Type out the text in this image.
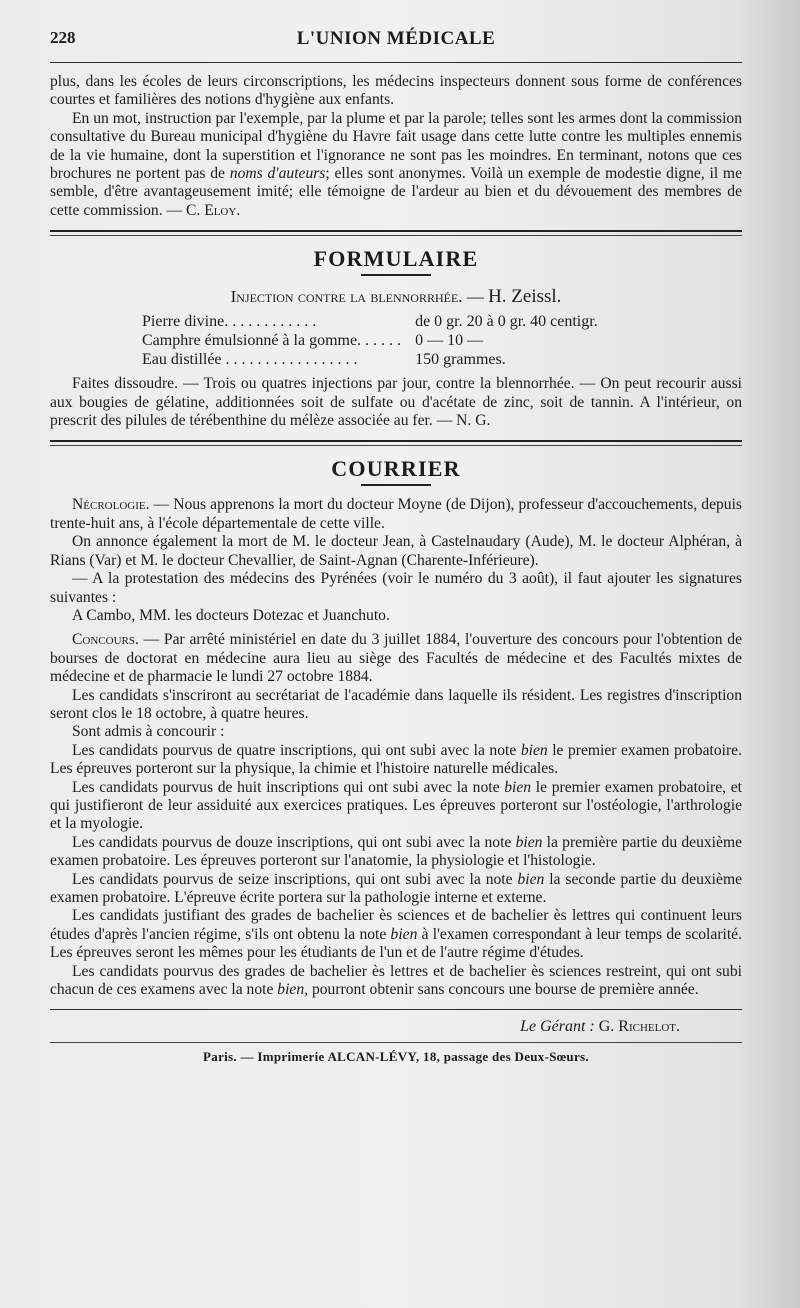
228	L'UNION MÉDICALE

plus, dans les écoles de leurs circonscriptions, les médecins inspecteurs donnent sous forme de conférences courtes et familières des notions d'hygiène aux enfants.

En un mot, instruction par l'exemple, par la plume et par la parole; telles sont les armes dont la commission consultative du Bureau municipal d'hygiène du Havre fait usage dans cette lutte contre les multiples ennemis de la vie humaine, dont la superstition et l'ignorance ne sont pas les moindres. En terminant, notons que ces brochures ne portent pas de noms d'auteurs; elles sont anonymes. Voilà un exemple de modestie digne, il me semble, d'être avantageusement imité; elle témoigne de l'ardeur au bien et du dévouement des membres de cette commission. — C. Eloy.

FORMULAIRE
Injection contre la blennorrhée. — H. Zeissl.
Pierre divine. . . . . . . . . . . .	de 0 gr. 20 à 0 gr. 40 centigr.
Camphre émulsionné à la gomme. . . . . .	0 — 10 —
Eau distillée . . . . . . . . . . . . . . . . .	150 grammes.

Faites dissoudre. — Trois ou quatres injections par jour, contre la blennorrhée. — On peut recourir aussi aux bougies de gélatine, additionnées soit de sulfate ou d'acétate de zinc, soit de tannin. A l'intérieur, on prescrit des pilules de térébenthine du mélèze associée au fer. — N. G.

COURRIER

Nécrologie. — Nous apprenons la mort du docteur Moyne (de Dijon), professeur d'accouchements, depuis trente-huit ans, à l'école départementale de cette ville.

On annonce également la mort de M. le docteur Jean, à Castelnaudary (Aude), M. le docteur Alphéran, à Rians (Var) et M. le docteur Chevallier, de Saint-Agnan (Charente-Inférieure).

— A la protestation des médecins des Pyrénées (voir le numéro du 3 août), il faut ajouter les signatures suivantes :

A Cambo, MM. les docteurs Dotezac et Juanchuto.

Concours. — Par arrêté ministériel en date du 3 juillet 1884, l'ouverture des concours pour l'obtention de bourses de doctorat en médecine aura lieu au siège des Facultés de médecine et des Facultés mixtes de médecine et de pharmacie le lundi 27 octobre 1884.

Les candidats s'inscriront au secrétariat de l'académie dans laquelle ils résident. Les registres d'inscription seront clos le 18 octobre, à quatre heures.

Sont admis à concourir :

Les candidats pourvus de quatre inscriptions, qui ont subi avec la note bien le premier examen probatoire. Les épreuves porteront sur la physique, la chimie et l'histoire naturelle médicales.

Les candidats pourvus de huit inscriptions qui ont subi avec la note bien le premier examen probatoire, et qui justifieront de leur assiduité aux exercices pratiques. Les épreuves porteront sur l'ostéologie, l'arthrologie et la myologie.

Les candidats pourvus de douze inscriptions, qui ont subi avec la note bien la première partie du deuxième examen probatoire. Les épreuves porteront sur l'anatomie, la physiologie et l'histologie.

Les candidats pourvus de seize inscriptions, qui ont subi avec la note bien la seconde partie du deuxième examen probatoire. L'épreuve écrite portera sur la pathologie interne et externe.

Les candidats justifiant des grades de bachelier ès sciences et de bachelier ès lettres qui continuent leurs études d'après l'ancien régime, s'ils ont obtenu la note bien à l'examen correspondant à leur temps de scolarité. Les épreuves seront les mêmes pour les étudiants de l'un et de l'autre régime d'études.

Les candidats pourvus des grades de bachelier ès lettres et de bachelier ès sciences restreint, qui ont subi chacun de ces examens avec la note bien, pourront obtenir sans concours une bourse de première année.

Le Gérant : G. Richelot.
Paris. — Imprimerie ALCAN-LÉVY, 18, passage des Deux-Sœurs.
